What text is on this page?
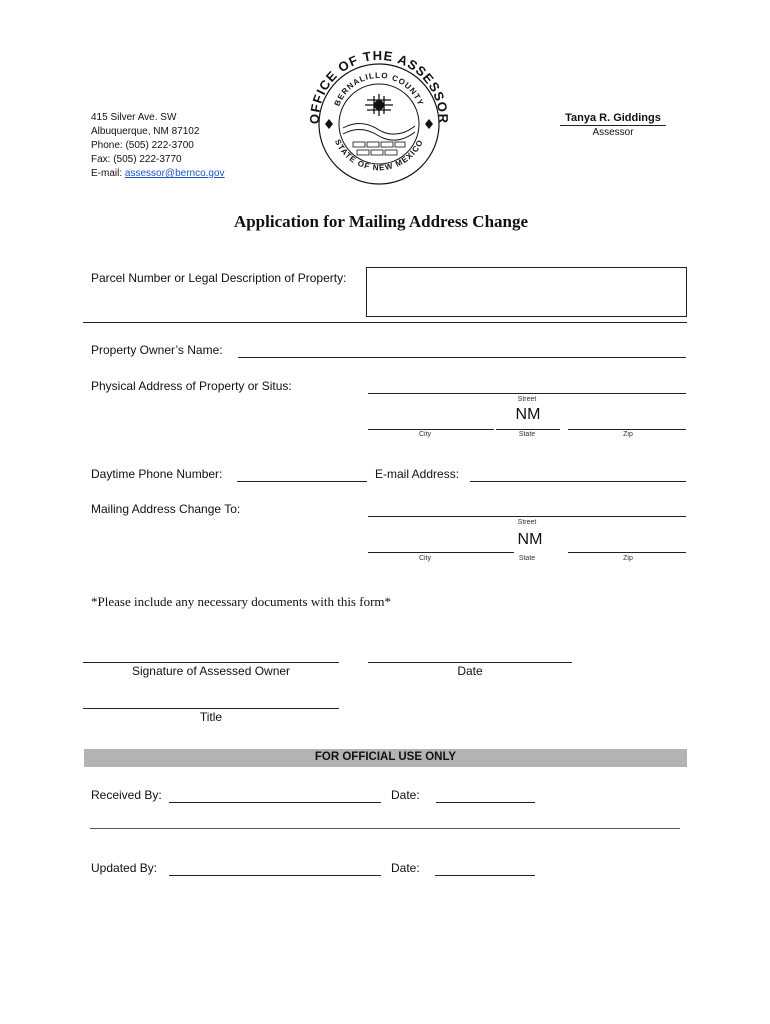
415 Silver Ave. SW
Albuquerque, NM 87102
Phone: (505) 222-3700
Fax: (505) 222-3770
E-mail: assessor@bernco.gov
OFFICE OF THE ASSESSOR
BERNALILLO COUNTY
STATE OF NEW MEXICO
Tanya R. Giddings
Assessor
Application for Mailing Address Change
Parcel Number or Legal Description of Property:
Property Owner’s Name:
Physical Address of Property or Situs:
Street
NM
City	State	Zip
Daytime Phone Number:	E-mail Address:
Mailing Address Change To:
Street
NM
City	State	Zip
*Please include any necessary documents with this form*
Signature of Assessed Owner	Date
Title
FOR OFFICIAL USE ONLY
Received By:	Date:
Updated By:	Date:
